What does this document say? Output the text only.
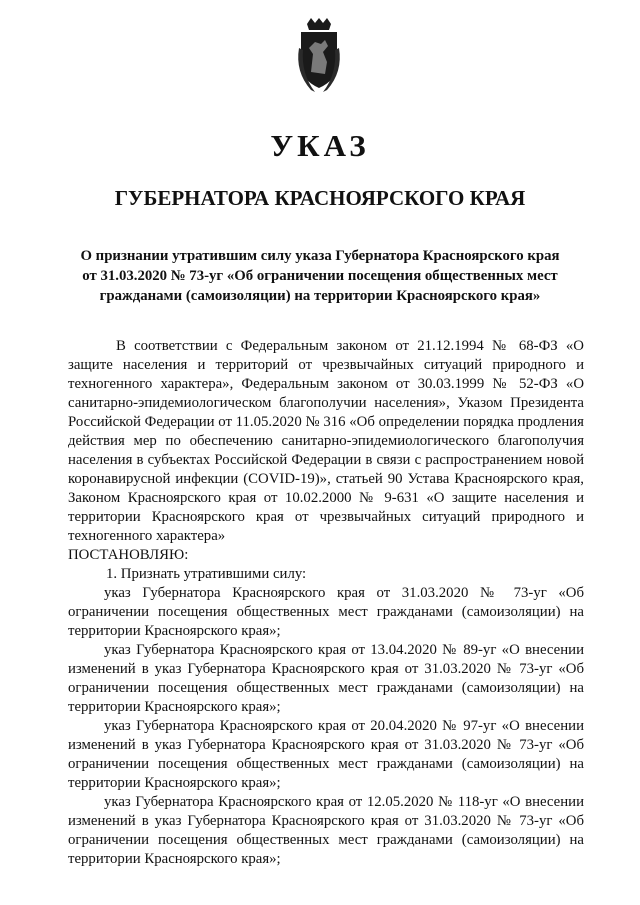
УКАЗ
ГУБЕРНАТОРА КРАСНОЯРСКОГО КРАЯ
О признании утратившим силу указа Губернатора Красноярского края
от 31.03.2020 № 73-уг «Об ограничении посещения общественных мест
гражданами (самоизоляции) на территории Красноярского края»

В соответствии с Федеральным законом от 21.12.1994 № 68-ФЗ «О защите населения и территорий от чрезвычайных ситуаций природного и техногенного характера», Федеральным законом от 30.03.1999 № 52-ФЗ «О санитарно-эпидемиологическом благополучии населения», Указом Президента Российской Федерации от 11.05.2020 № 316 «Об определении порядка продления действия мер по обеспечению санитарно-эпидемиологического благополучия населения в субъектах Российской Федерации в связи с распространением новой коронавирусной инфекции (COVID-19)», статьей 90 Устава Красноярского края, Законом Красноярского края от 10.02.2000 № 9-631 «О защите населения и территории Красноярского края от чрезвычайных ситуаций природного и техногенного характера»

ПОСТАНОВЛЯЮ:

1. Признать утратившими силу:

указ Губернатора Красноярского края от 31.03.2020 № 73-уг «Об ограничении посещения общественных мест гражданами (самоизоляции) на территории Красноярского края»;

указ Губернатора Красноярского края от 13.04.2020 № 89-уг «О внесении изменений в указ Губернатора Красноярского края от 31.03.2020 № 73-уг «Об ограничении посещения общественных мест гражданами (самоизоляции) на территории Красноярского края»;

указ Губернатора Красноярского края от 20.04.2020 № 97-уг «О внесении изменений в указ Губернатора Красноярского края от 31.03.2020 № 73-уг «Об ограничении посещения общественных мест гражданами (самоизоляции) на территории Красноярского края»;

указ Губернатора Красноярского края от 12.05.2020 № 118-уг «О внесении изменений в указ Губернатора Красноярского края от 31.03.2020 № 73-уг «Об ограничении посещения общественных мест гражданами (самоизоляции) на территории Красноярского края»;
